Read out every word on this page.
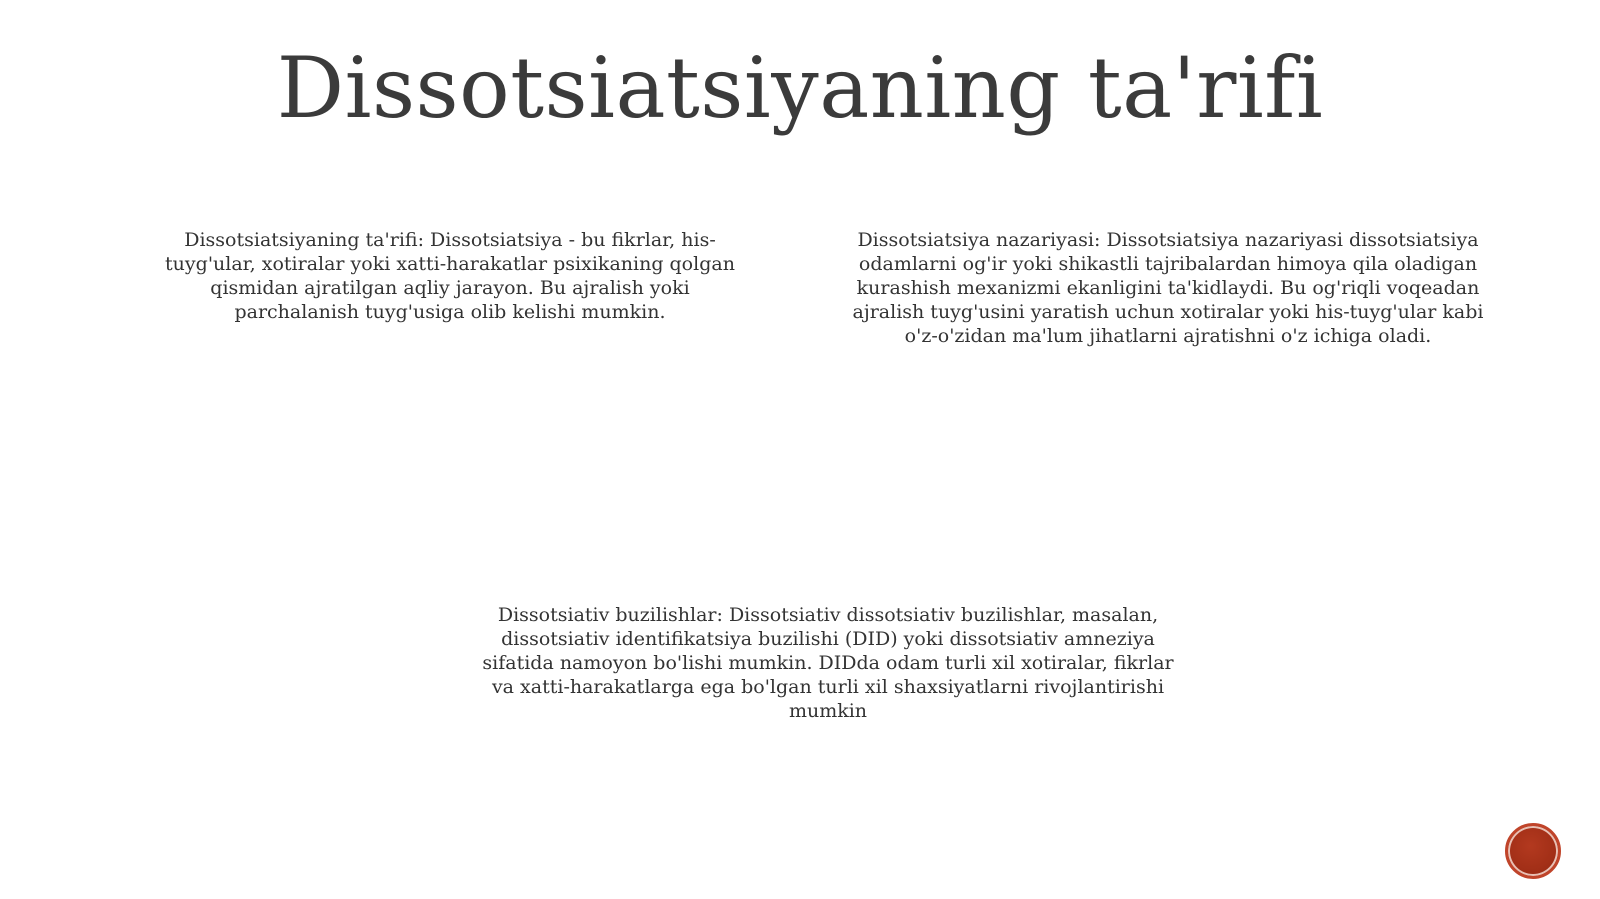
Dissotsiatsiyaning ta'rifi

Dissotsiatsiyaning ta'rifi: Dissotsiatsiya - bu fikrlar, his-tuyg'ular, xotiralar yoki xatti-harakatlar psixikaning qolgan qismidan ajratilgan aqliy jarayon. Bu ajralish yoki parchalanish tuyg'usiga olib kelishi mumkin.

Dissotsiatsiya nazariyasi: Dissotsiatsiya nazariyasi dissotsiatsiya odamlarni og'ir yoki shikastli tajribalardan himoya qila oladigan kurashish mexanizmi ekanligini ta'kidlaydi. Bu og'riqli voqeadan ajralish tuyg'usini yaratish uchun xotiralar yoki his-tuyg'ular kabi o'z-o'zidan ma'lum jihatlarni ajratishni o'z ichiga oladi.

Dissotsiativ buzilishlar: Dissotsiativ dissotsiativ buzilishlar, masalan, dissotsiativ identifikatsiya buzilishi (DID) yoki dissotsiativ amneziya sifatida namoyon bo'lishi mumkin. DIDda odam turli xil xotiralar, fikrlar va xatti-harakatlarga ega bo'lgan turli xil shaxsiyatlarni rivojlantirishi mumkin
